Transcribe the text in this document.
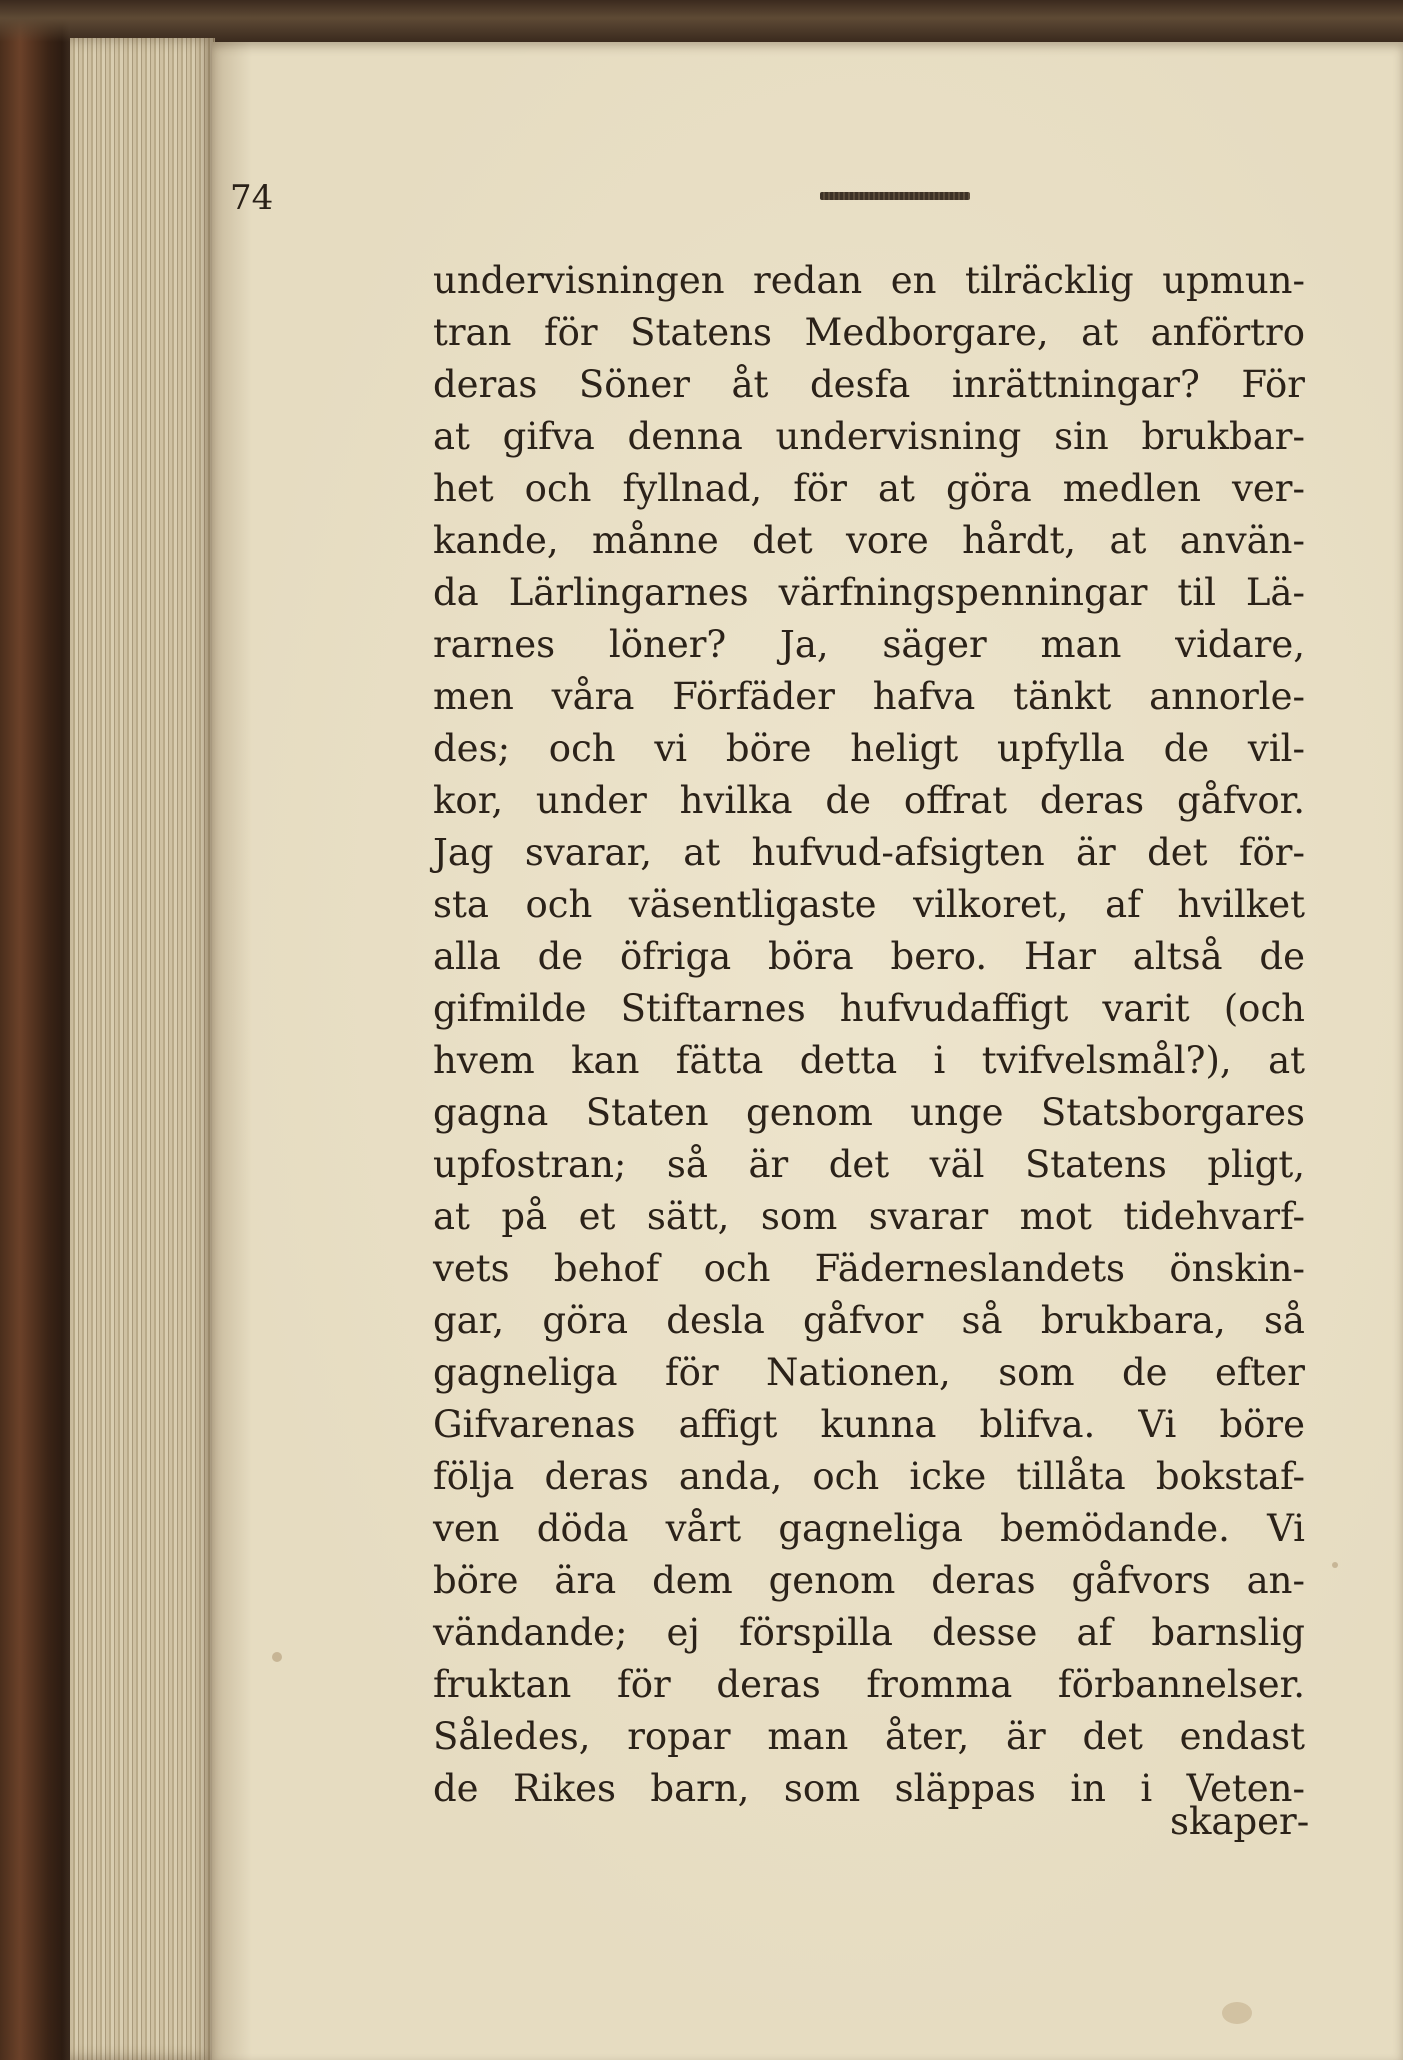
74
undervisningen redan en tilräcklig upmun-
tran för Statens Medborgare, at anförtro
deras Söner åt desfa inrättningar? För
at gifva denna undervisning sin brukbar-
het och fyllnad, för at göra medlen ver-
kande, månne det vore hårdt, at använ-
da Lärlingarnes värfningspenningar til Lä-
rarnes löner? Ja, säger man vidare,
men våra Förfäder hafva tänkt annorle-
des; och vi böre heligt upfylla de vil-
kor, under hvilka de offrat deras gåfvor.
Jag svarar, at hufvud-afsigten är det för-
sta och väsentligaste vilkoret, af hvilket
alla de öfriga böra bero. Har altså de
gifmilde Stiftarnes hufvudaffigt varit (och
hvem kan fätta detta i tvifvelsmål?), at
gagna Staten genom unge Statsborgares
upfostran; så är det väl Statens pligt,
at på et sätt, som svarar mot tidehvarf-
vets behof och Fäderneslandets önskin-
gar, göra desla gåfvor så brukbara, så
gagneliga för Nationen, som de efter
Gifvarenas affigt kunna blifva. Vi böre
följa deras anda, och icke tillåta bokstaf-
ven döda vårt gagneliga bemödande. Vi
böre ära dem genom deras gåfvors an-
vändande; ej förspilla desse af barnslig
fruktan för deras fromma förbannelser.
Således, ropar man åter, är det endast
de Rikes barn, som släppas in i Veten-
skaper-
